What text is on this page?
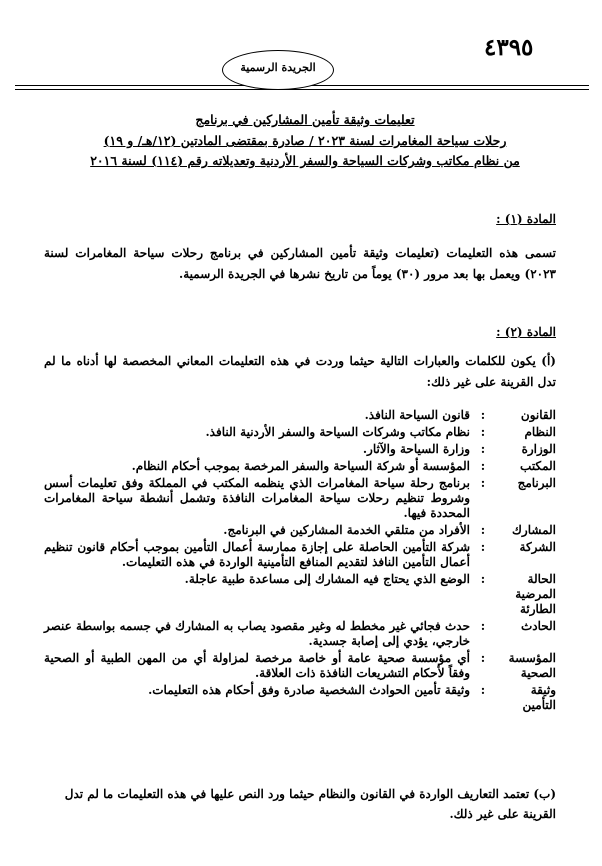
٤٣٩٥
الجريدة الرسمية
تعليمات وثيقة تأمين المشاركين في برنامج
رحلات سياحة المغامرات لسنة ٢٠٢٣ / صادرة بمقتضى المادتين (١٢/هـ/ و ١٩)
من نظام مكاتب وشركات السياحة والسفر الأردنية وتعديلاته رقم (١١٤) لسنة ٢٠١٦
المادة (١) :
تسمى هذه التعليمات (تعليمات وثيقة تأمين المشاركين في برنامج رحلات سياحة المغامرات لسنة ٢٠٢٣) ويعمل بها بعد مرور (٣٠) يوماً من تاريخ نشرها في الجريدة الرسمية.
المادة (٢) :
(أ) يكون للكلمات والعبارات التالية حيثما وردت في هذه التعليمات المعاني المخصصة لها أدناه ما لم تدل القرينة على غير ذلك:
القانون
:
قانون السياحة النافذ.
النظام
:
نظام مكاتب وشركات السياحة والسفر الأردنية النافذ.
الوزارة
:
وزارة السياحة والآثار.
المكتب
:
المؤسسة أو شركة السياحة والسفر المرخصة بموجب أحكام النظام.
البرنامج
:
برنامج رحلة سياحة المغامرات الذي ينظمه المكتب في المملكة وفق تعليمات أسس وشروط تنظيم رحلات سياحة المغامرات النافذة وتشمل أنشطة سياحة المغامرات المحددة فيها.
المشارك
:
الأفراد من متلقي الخدمة المشاركين في البرنامج.
الشركة
:
شركة التأمين الحاصلة على إجازة ممارسة أعمال التأمين بموجب أحكام قانون تنظيم أعمال التأمين النافذ لتقديم المنافع التأمينية الواردة في هذه التعليمات.
الحالة المرضية الطارئة
:
الوضع الذي يحتاج فيه المشارك إلى مساعدة طبية عاجلة.
الحادث
:
حدث فجائي غير مخطط له وغير مقصود يصاب به المشارك في جسمه بواسطة عنصر خارجي، يؤدي إلى إصابة جسدية.
المؤسسة الصحية
:
أي مؤسسة صحية عامة أو خاصة مرخصة لمزاولة أي من المهن الطبية أو الصحية وفقاً لأحكام التشريعات النافذة ذات العلاقة.
وثيقة التأمين
:
وثيقة تأمين الحوادث الشخصية صادرة وفق أحكام هذه التعليمات.
(ب) تعتمد التعاريف الواردة في القانون والنظام حيثما ورد النص عليها في هذه التعليمات ما لم تدل القرينة على غير ذلك.
